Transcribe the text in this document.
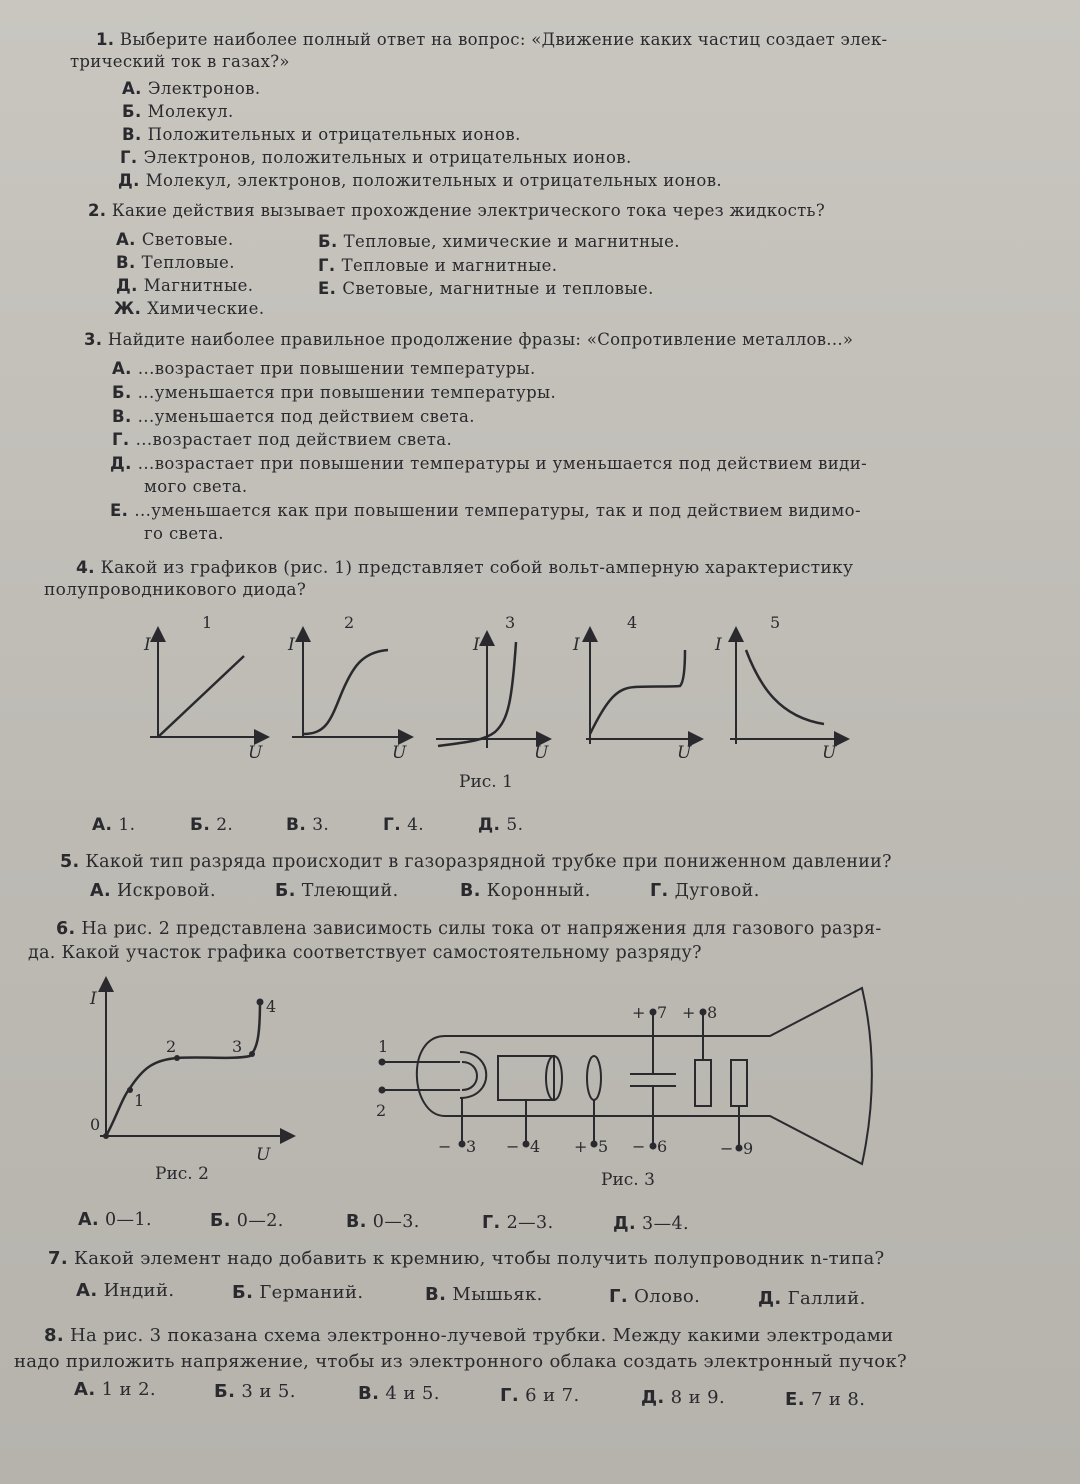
1. Выберите наиболее полный ответ на вопрос: «Движение каких частиц создает элек-
трический ток в газах?»
А. Электронов.
Б. Молекул.
В. Положительных и отрицательных ионов.
Г. Электронов, положительных и отрицательных ионов.
Д. Молекул, электронов, положительных и отрицательных ионов.
2. Какие действия вызывает прохождение электрического тока через жидкость?
А. Световые.
В. Тепловые.
Д. Магнитные.
Ж. Химические.
Б. Тепловые, химические и магнитные.
Г. Тепловые и магнитные.
Е. Световые, магнитные и тепловые.
3. Найдите наиболее правильное продолжение фразы: «Сопротивление металлов...»
А. ...возрастает при повышении температуры.
Б. ...уменьшается при повышении температуры.
В. ...уменьшается под действием света.
Г. ...возрастает под действием света.
Д. ...возрастает при повышении температуры и уменьшается под действием види-
мого света.
Е. ...уменьшается как при повышении температуры, так и под действием видимо-
го света.
4. Какой из графиков (рис. 1) представляет собой вольт-амперную характеристику
полупроводникового диода?
I
U
1
I
U
2
I
U
3
I
U
4
I
U
5
Рис. 1
А. 1.	Б. 2.	В. 3.	Г. 4.	Д. 5.
5. Какой тип разряда происходит в газоразрядной трубке при пониженном давлении?
А. Искровой.	Б. Тлеющий.	В. Коронный.	Г. Дуговой.
6. На рис. 2 представлена зависимость силы тока от напряжения для газового разря-
да. Какой участок графика соответствует самостоятельному разряду?
I
U
0
1
2	3
4
Рис. 2
1
2
− 3 − 4 + 5 − 6
+ 7 + 8
− 9
Рис. 3
А. 0—1.	Б. 0—2.	В. 0—3.	Г. 2—3.	Д. 3—4.
7. Какой элемент надо добавить к кремнию, чтобы получить полупроводник n-типа?
А. Индий.	Б. Германий.	В. Мышьяк.	Г. Олово.	Д. Галлий.
8. На рис. 3 показана схема электронно-лучевой трубки. Между какими электродами
надо приложить напряжение, чтобы из электронного облака создать электронный пучок?
А. 1 и 2.	Б. 3 и 5.	В. 4 и 5.	Г. 6 и 7.	Д. 8 и 9.	Е. 7 и 8.
